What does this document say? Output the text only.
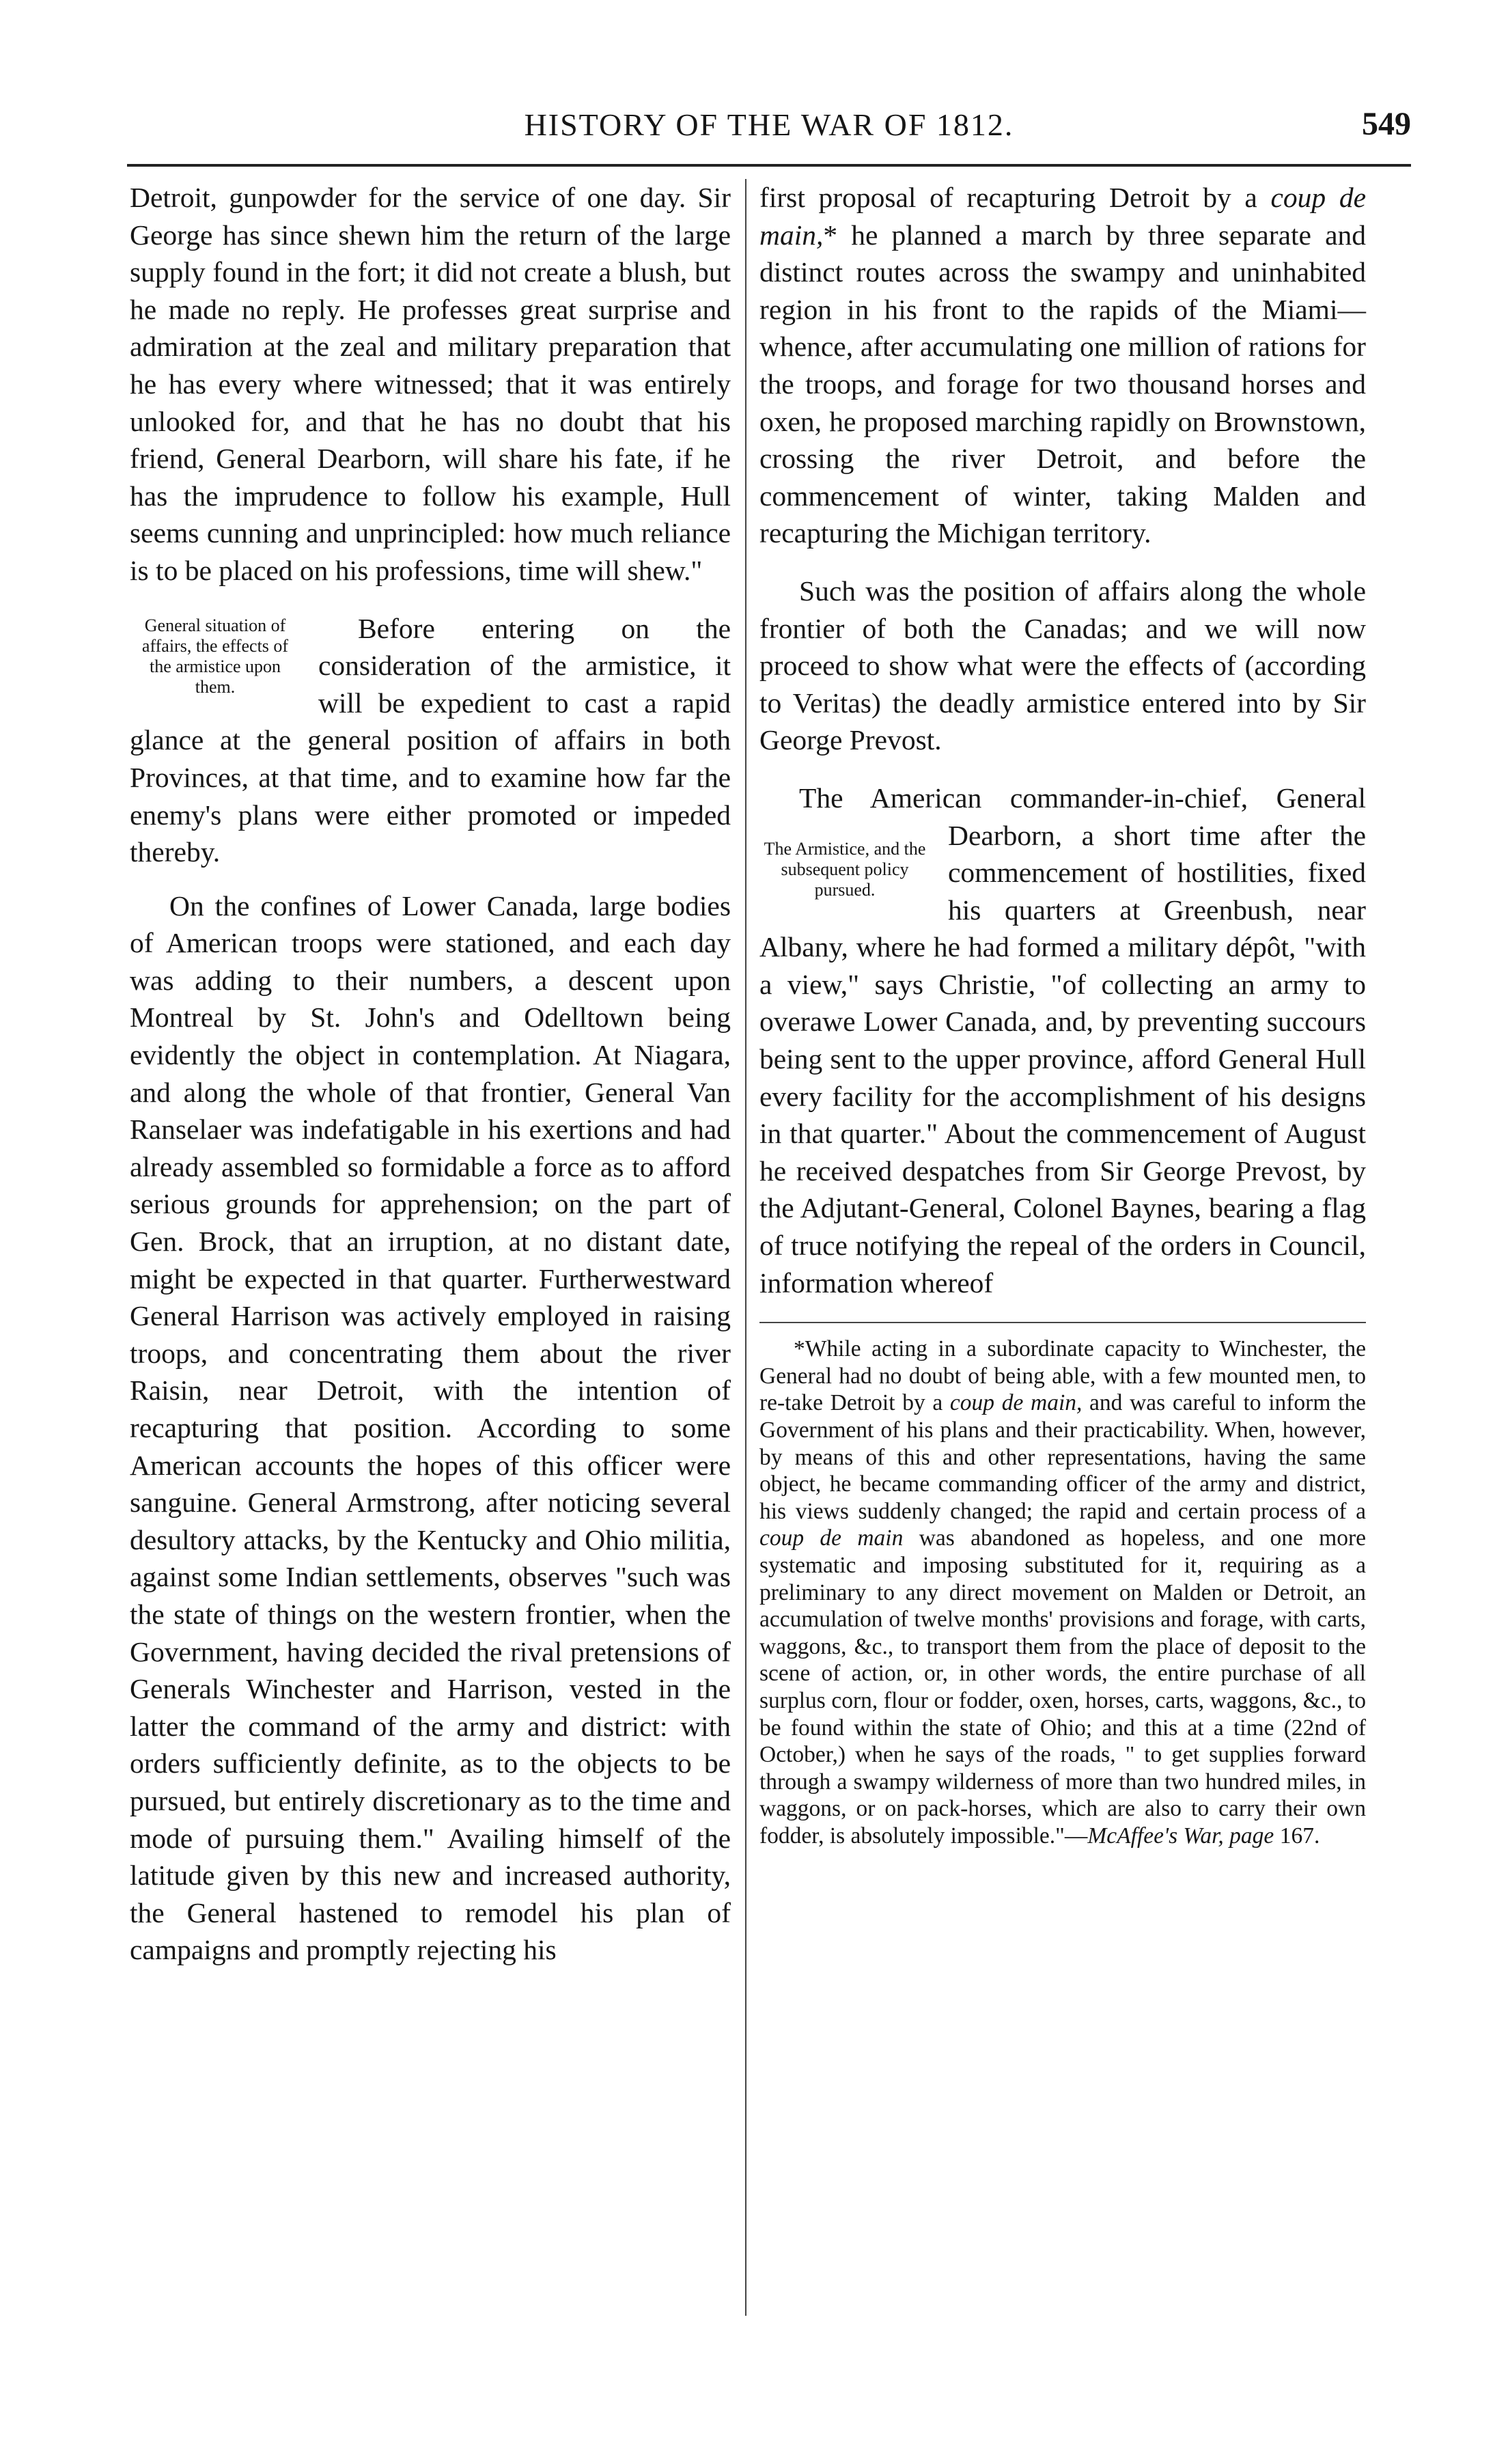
HISTORY OF THE WAR OF 1812.	549

Detroit, gunpowder for the service of one day. Sir George has since shewn him the return of the large supply found in the fort; it did not create a blush, but he made no reply. He professes great surprise and admiration at the zeal and military preparation that he has every where witnessed; that it was entirely unlooked for, and that he has no doubt that his friend, General Dearborn, will share his fate, if he has the imprudence to follow his example, Hull seems cunning and unprincipled: how much reliance is to be placed on his professions, time will shew."

General situation of affairs, the effects of the armistice upon them.
Before entering on the consideration of the armistice, it will be expedient to cast a rapid glance at the general position of affairs in both Provinces, at that time, and to examine how far the enemy's plans were either promoted or impeded thereby.

On the confines of Lower Canada, large bodies of American troops were stationed, and each day was adding to their numbers, a descent upon Montreal by St. John's and Odelltown being evidently the object in contemplation. At Niagara, and along the whole of that frontier, General Van Ranselaer was indefatigable in his exertions and had already assembled so formidable a force as to afford serious grounds for apprehension; on the part of Gen. Brock, that an irruption, at no distant date, might be expected in that quarter. Furtherwestward General Harrison was actively employed in raising troops, and concentrating them about the river Raisin, near Detroit, with the intention of recapturing that position. According to some American accounts the hopes of this officer were sanguine. General Armstrong, after noticing several desultory attacks, by the Kentucky and Ohio militia, against some Indian settlements, observes "such was the state of things on the western frontier, when the Government, having decided the rival pretensions of Generals Winchester and Harrison, vested in the latter the command of the army and district: with orders sufficiently definite, as to the objects to be pursued, but entirely discretionary as to the time and mode of pursuing them." Availing himself of the latitude given by this new and increased authority, the General hastened to remodel his plan of campaigns and promptly rejecting his

first proposal of recapturing Detroit by a coup de main,* he planned a march by three separate and distinct routes across the swampy and uninhabited region in his front to the rapids of the Miami—whence, after accumulating one million of rations for the troops, and forage for two thousand horses and oxen, he proposed marching rapidly on Brownstown, crossing the river Detroit, and before the commencement of winter, taking Malden and recapturing the Michigan territory.

Such was the position of affairs along the whole frontier of both the Canadas; and we will now proceed to show what were the effects of (according to Veritas) the deadly armistice entered into by Sir George Prevost.

The American commander-in-chief, General
The Armistice, and the subsequent policy pursued.
Dearborn, a short time after the commencement of hostilities, fixed his quarters at Greenbush, near Albany, where he had formed a military dépôt, "with a view," says Christie, "of collecting an army to overawe Lower Canada, and, by preventing succours being sent to the upper province, afford General Hull every facility for the accomplishment of his designs in that quarter." About the commencement of August he received despatches from Sir George Prevost, by the Adjutant-General, Colonel Baynes, bearing a flag of truce notifying the repeal of the orders in Council, information whereof

*While acting in a subordinate capacity to Winchester, the General had no doubt of being able, with a few mounted men, to re-take Detroit by a coup de main, and was careful to inform the Government of his plans and their practicability. When, however, by means of this and other representations, having the same object, he became commanding officer of the army and district, his views suddenly changed; the rapid and certain process of a coup de main was abandoned as hopeless, and one more systematic and imposing substituted for it, requiring as a preliminary to any direct movement on Malden or Detroit, an accumulation of twelve months' provisions and forage, with carts, waggons, &c., to transport them from the place of deposit to the scene of action, or, in other words, the entire purchase of all surplus corn, flour or fodder, oxen, horses, carts, waggons, &c., to be found within the state of Ohio; and this at a time (22nd of October,) when he says of the roads, " to get supplies forward through a swampy wilderness of more than two hundred miles, in waggons, or on pack-horses, which are also to carry their own fodder, is absolutely impossible."—McAffee's War, page 167.
